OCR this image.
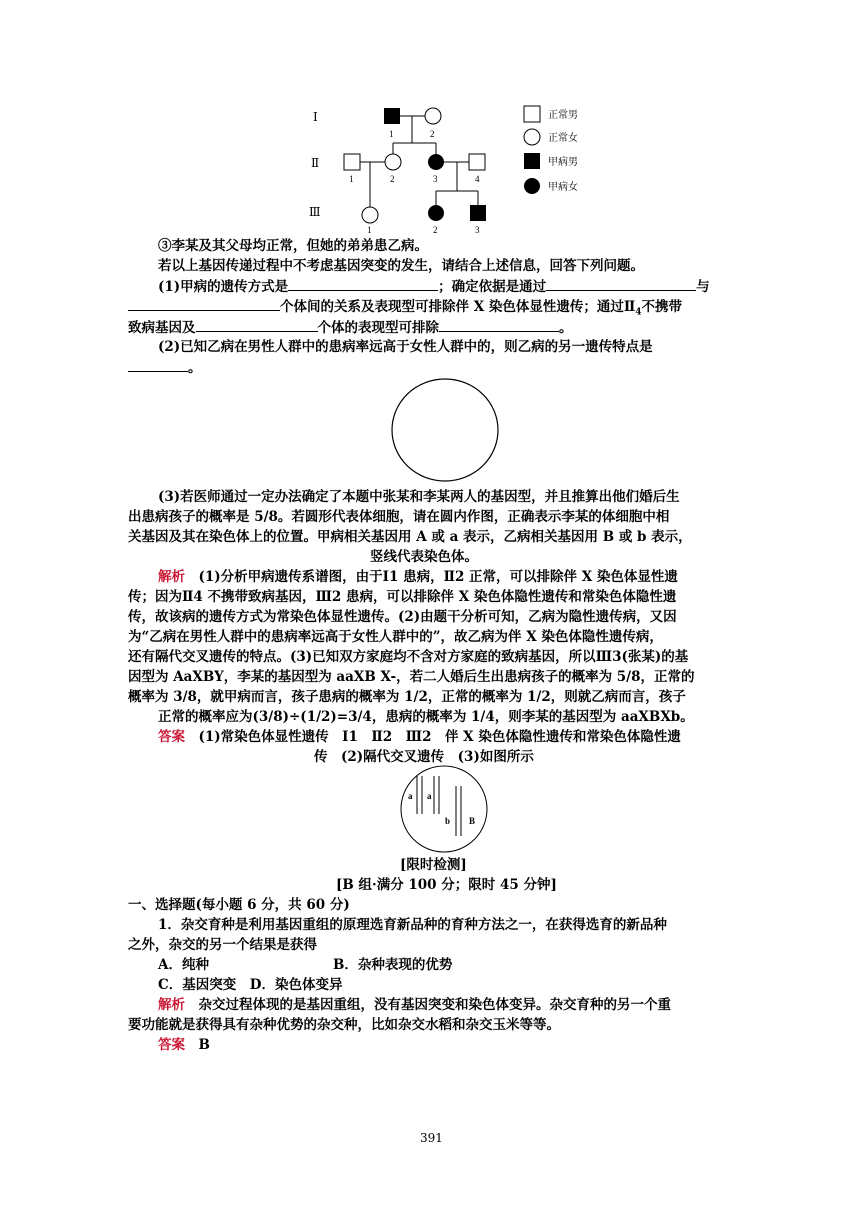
Ⅰ
Ⅱ
Ⅲ
1	2
1	2	3	4
1	2	3
正常男
正常女
甲病男
甲病女
③李某及其父母均正常，但她的弟弟患乙病。
若以上基因传递过程中不考虑基因突变的发生，请结合上述信息，回答下列问题。
(1)甲病的遗传方式是	；确定依据是通过	与
个体间的关系及表现型可排除伴 X 染色体显性遗传；通过$Ⅱ_4$不携带
致病基因及	个体的表现型可排除	。
(2)已知乙病在男性人群中的患病率远高于女性人群中的，则乙病的另一遗传特点是
。
(3)若医师通过一定办法确定了本题中张某和李某两人的基因型，并且推算出他们婚后生
出患病孩子的概率是 5/8。若圆形代表体细胞，请在圆内作图，正确表示李某的体细胞中相
关基因及其在染色体上的位置。甲病相关基因用 A 或 a 表示，乙病相关基因用 B 或 b 表示，
竖线代表染色体。
解析　 (1)分析甲病遗传系谱图，由于Ⅰ1 患病，Ⅱ2 正常，可以排除伴 X 染色体显性遗
传；因为Ⅱ4 不携带致病基因，Ⅲ2 患病，可以排除伴 X 染色体隐性遗传和常染色体隐性遗
传，故该病的遗传方式为常染色体显性遗传。(2)由题干分析可知，乙病为隐性遗传病，又因
为“乙病在男性人群中的患病率远高于女性人群中的”，故乙病为伴 X 染色体隐性遗传病，
还有隔代交叉遗传的特点。(3)已知双方家庭均不含对方家庭的致病基因，所以Ⅲ3(张某)的基
因型为 AaXBY，李某的基因型为 aaXB X-，若二人婚后生出患病孩子的概率为 5/8，正常的
概率为 3/8，就甲病而言，孩子患病的概率为 1/2，正常的概率为 1/2，则就乙病而言，孩子
正常的概率应为(3/8)÷(1/2)=3/4，患病的概率为 1/4，则李某的基因型为 aaXBXb。
答案　 (1)常染色体显性遗传　Ⅰ1　Ⅱ2　Ⅲ2　伴 X 染色体隐性遗传和常染色体隐性遗
传　(2)隔代交叉遗传　(3)如图所示
a a
b B
[限时检测]
[B 组·满分 100 分；限时 45 分钟]
一、选择题(每小题 6 分，共 60 分)
1．杂交育种是利用基因重组的原理选育新品种的育种方法之一，在获得选育的新品种
之外，杂交的另一个结果是获得
A．纯种	B．杂种表现的优势
C．基因突变　D．染色体变异
解析　 杂交过程体现的是基因重组，没有基因突变和染色体变异。杂交育种的另一个重
要功能就是获得具有杂种优势的杂交种，比如杂交水稻和杂交玉米等等。
答案　 B
391
